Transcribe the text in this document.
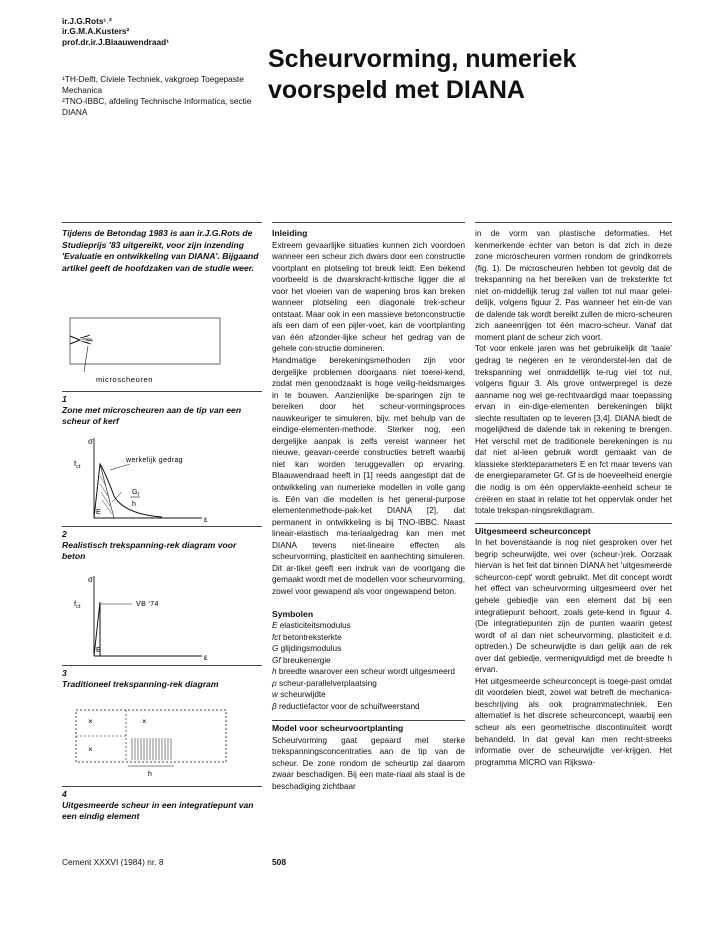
ir.J.G.Rots¹˒²
ir.G.M.A.Kusters²
prof.dr.ir.J.Blaauwendraad¹
¹TH-Delft, Civiele Techniek, vakgroep Toegepaste Mechanica
²TNO-IBBC, afdeling Technische Informatica, sectie DIANA
Scheurvorming, numeriek
voorspeld met DIANA
Tijdens de Betondag 1983 is aan ir.J.G.Rots de Studieprijs '83 uitgereikt, voor zijn inzending 'Evaluatie en ontwikkeling van DIANA'. Bijgaand artikel geeft de hoofdzaken van de studie weer.
microscheuren
1
Zone met microscheuren aan de tip van een scheur of kerf
σ
ε
$f_{ct}$
werkelijk gedrag
E
$G_f$
h
2
Realistisch trekspanning-rek diagram voor beton
σ
ε
$f_{ct}$	VB '74
E
3
Traditioneel trekspanning-rek diagram
×	×
×
h
4
Uitgesmeerde scheur in een integratiepunt van een eindig element
Inleiding

Extreem gevaarlijke situaties kunnen zich voordoen wanneer een scheur zich dwars door een constructie voortplant en plotseling tot breuk leidt. Een bekend voorbeeld is de dwarskracht-kritische ligger die al voor het vloeien van de wapening bros kan breken wanneer plotseling een diagonale trek-scheur ontstaat. Maar ook in een massieve betonconstructie als een dam of een pijler-voet, kan de voortplanting van één afzonder-lijke scheur het gedrag van de gehele con-structie domineren.

Handmatige berekeningsmethoden zijn voor dergelijke problemen doorgaans niet toerei-kend, zodat men genoodzaakt is hoge veilig-heidsmarges in te bouwen. Aanzienlijke be-sparingen zijn te bereiken door het scheur-vormingsproces nauwkeuriger te simuleren, bijv. met behulp van de eindige-elementen-methode. Sterker nog, een dergelijke aanpak is zelfs vereist wanneer het nieuwe, geavan-ceerde constructies betreft waarbij niet kan worden teruggevallen op ervaring. Blaauwendraad heeft in [1] reeds aangestipt dat de ontwikkeling van numerieke modellen in volle gang is. Eén van die modellen is het general-purpose elementenmethode-pak-ket DIANA [2], dat permanent in ontwikkeling is bij TNO-IBBC. Naast lineair-elastisch ma-teriaalgedrag kan men met DIANA tevens niet-lineaire effecten als scheurvorming, plasticiteit en aanhechting simuleren. Dit ar-tikel geeft een indruk van de voortgang die gemaakt wordt met de modellen voor scheurvorming, zowel voor gewapend als voor ongewapend beton.

Symbolen
E elasticiteitsmodulus
fct betontreksterkte
G glijdingsmodulus
Gf breukenergie
h breedte waarover een scheur wordt uitgesmeerd
ρ scheur-parallelverplaatsing
w scheurwijdte
β reductiefactor voor de schuifweerstand
Model voor scheurvoortplanting

Scheurvorming gaat gepaard met sterke trekspanningsconcentraties aan de tip van de scheur. De zone rondom de scheurtip zal daarom zwaar beschadigen. Bij een mate-riaal als staal is de beschadiging zichtbaar

in de vorm van plastische deformaties. Het kenmerkende echter van beton is dat zich in deze zone microscheuren vormen rondom de grindkorrels (fig. 1). De microscheuren hebben tot gevolg dat de trekspanning na het bereiken van de treksterkte fct niet on-middellijk terug zal vallen tot nul maar gelei-delijk, volgens figuur 2. Pas wanneer het ein-de van de dalende tak wordt bereikt zullen de micro-scheuren zich aaneenrijgen tot één macro-scheur. Vanaf dat moment plant de scheur zich voort.

Tot voor enkele jaren was het gebruikelijk dit 'taaie' gedrag te negeren en te veronderstel-len dat de trekspanning wel onmiddellijk te-rug viel tot nul, volgens figuur 3. Als grove ontwerpregel is deze aanname nog wel ge-rechtvaardigd maar toepassing ervan in ein-dige-elementen berekeningen blijkt slechte resultaten op te leveren [3,4]. DIANA biedt de mogelijkheid de dalende tak in rekening te brengen. Het verschil met de traditionele berekeningen is nu dat niet al-leen gebruik wordt gemaakt van de klassieke sterkteparameters E en fct maar tevens van de energieparameter Gf. Gf is de hoeveelheid energie die nodig is om één oppervlakte-eenheid scheur te creëren en staat in relatie tot het oppervlak onder het totale trekspan-ningsrekdiagram.

Uitgesmeerd scheurconcept

In het bovenstaande is nog niet gesproken over het begrip scheurwijdte, wei over (scheur-)rek. Oorzaak hiervan is het feit dat binnen DIANA het 'uitgesmeerde scheurcon-cept' wordt gebruikt. Met dit concept wordt het effect van scheurvorming uitgesmeerd over het gehele gebiedje van een element dat bij een integratiepunt behoort, zoals gete-kend in figuur 4. (De integratiepunten zijn de punten waarin getest wordt of al dan niet scheurvorming, plasticiteit e.d. optreden.) De scheurwijdte is dan gelijk aan de rek over dat gebiedje, vermenigvuldigd met de breedte h ervan.

Het uitgesmeerde scheurconcept is toege-past omdat dit voordelen biedt, zowel wat betreft de mechanica-beschrijving als ook programmatechniek. Een alternatief is het discrete scheurconcept, waarbij een scheur als een geometrische discontinuïteit wordt behandeld. In dat geval kan men recht-streeks informatie over de scheurwijdte ver-krijgen. Het programma MICRO van Rijkswa-

Cement XXXVI (1984) nr. 8	508
